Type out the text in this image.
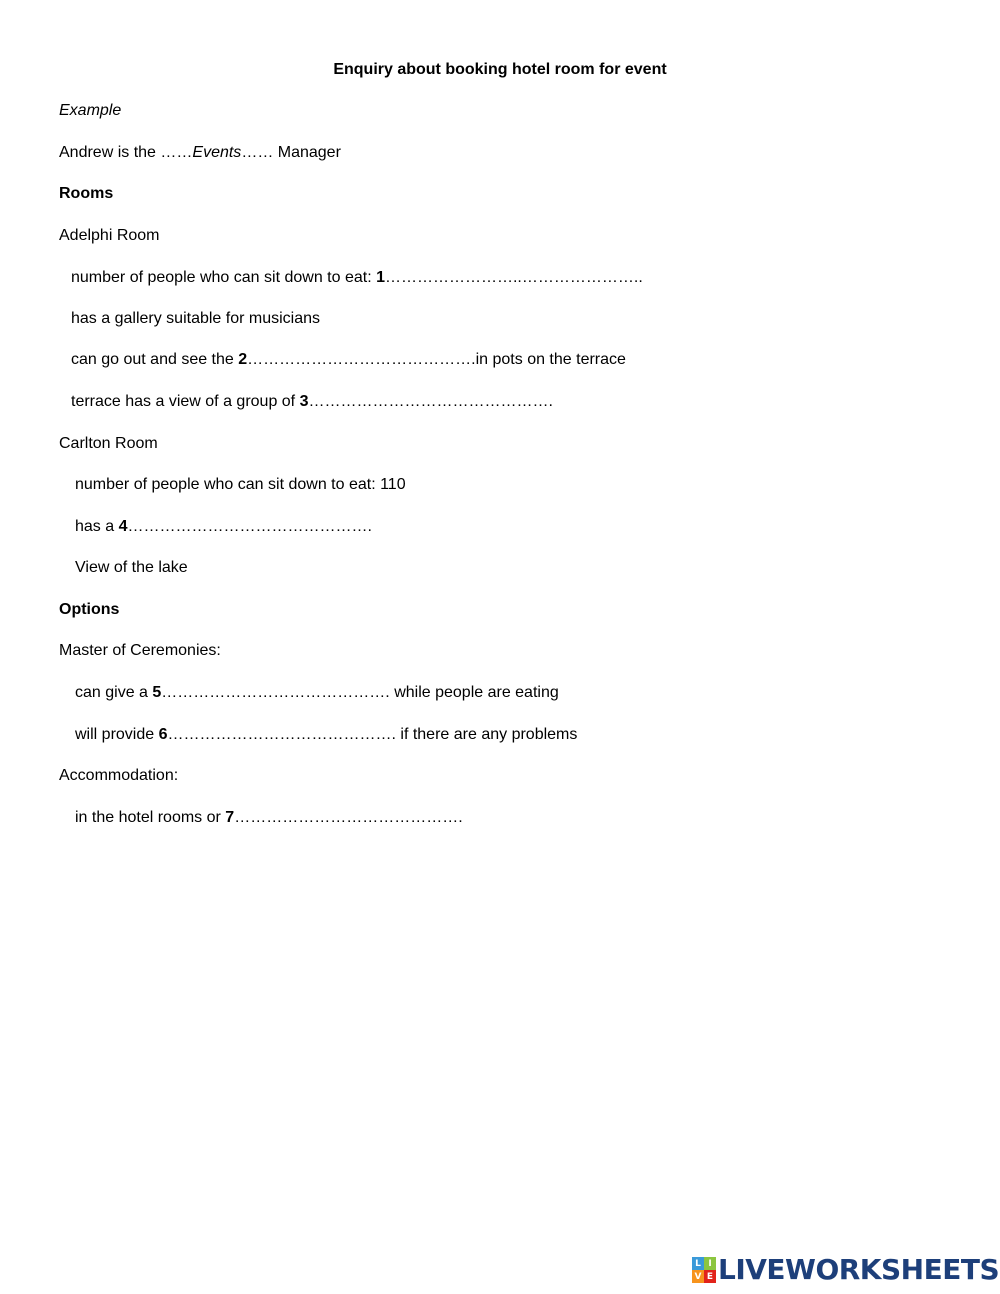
Enquiry about booking hotel room for event
Example
Andrew is the ……Events…… Manager
Rooms
Adelphi Room
number of people who can sit down to eat: 1……………………..…………………..
has a gallery suitable for musicians
can go out and see the 2…………………………………….in pots on the terrace
terrace has a view of a group of 3……………………………………….
Carlton Room
number of people who can sit down to eat: 110
has a 4……………………………………….
View of the lake
Options
Master of Ceremonies:
can give a 5……………………………………. while people are eating
will provide 6……………………………………. if there are any problems
Accommodation:
in the hotel rooms or 7…………………………………….
L I
V E LIVEWORKSHEETS
